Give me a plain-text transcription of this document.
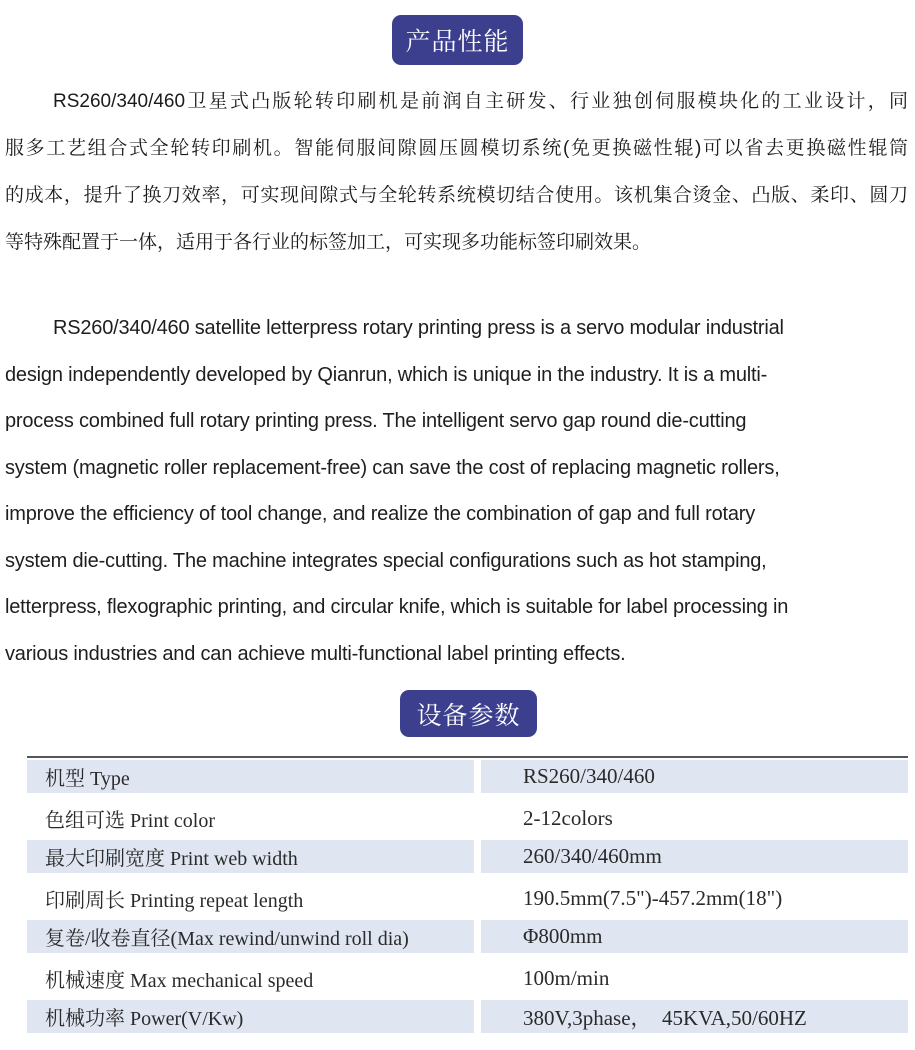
产品性能
RS260/340/460卫星式凸版轮转印刷机是前润自主研发、行业独创伺服模块化的工业设计，同
服多工艺组合式全轮转印刷机。智能伺服间隙圆压圆模切系统(免更换磁性辊)可以省去更换磁性辊筒
的成本，提升了换刀效率，可实现间隙式与全轮转系统模切结合使用。该机集合烫金、凸版、柔印、圆刀
等特殊配置于一体，适用于各行业的标签加工，可实现多功能标签印刷效果。
RS260/340/460 satellite letterpress rotary printing press is a servo modular industrial
design independently developed by Qianrun, which is unique in the industry. It is a multi-
process combined full rotary printing press. The intelligent servo gap round die-cutting
system (magnetic roller replacement-free) can save the cost of replacing magnetic rollers,
improve the efficiency of tool change, and realize the combination of gap and full rotary
system die-cutting. The machine integrates special configurations such as hot stamping,
letterpress, flexographic printing, and circular knife, which is suitable for label processing in
various industries and can achieve multi-functional label printing effects.
设备参数
机型 Type	RS260/340/460
色组可选 Print color	2-12colors
最大印刷宽度 Print web width	260/340/460mm
印刷周长 Printing repeat length	190.5mm(7.5")-457.2mm(18")
复卷/收卷直径(Max rewind/unwind roll dia)	Φ800mm
机械速度 Max mechanical speed	100m/min
机械功率 Power(V/Kw)	380V,3phase，  45KVA,50/60HZ
